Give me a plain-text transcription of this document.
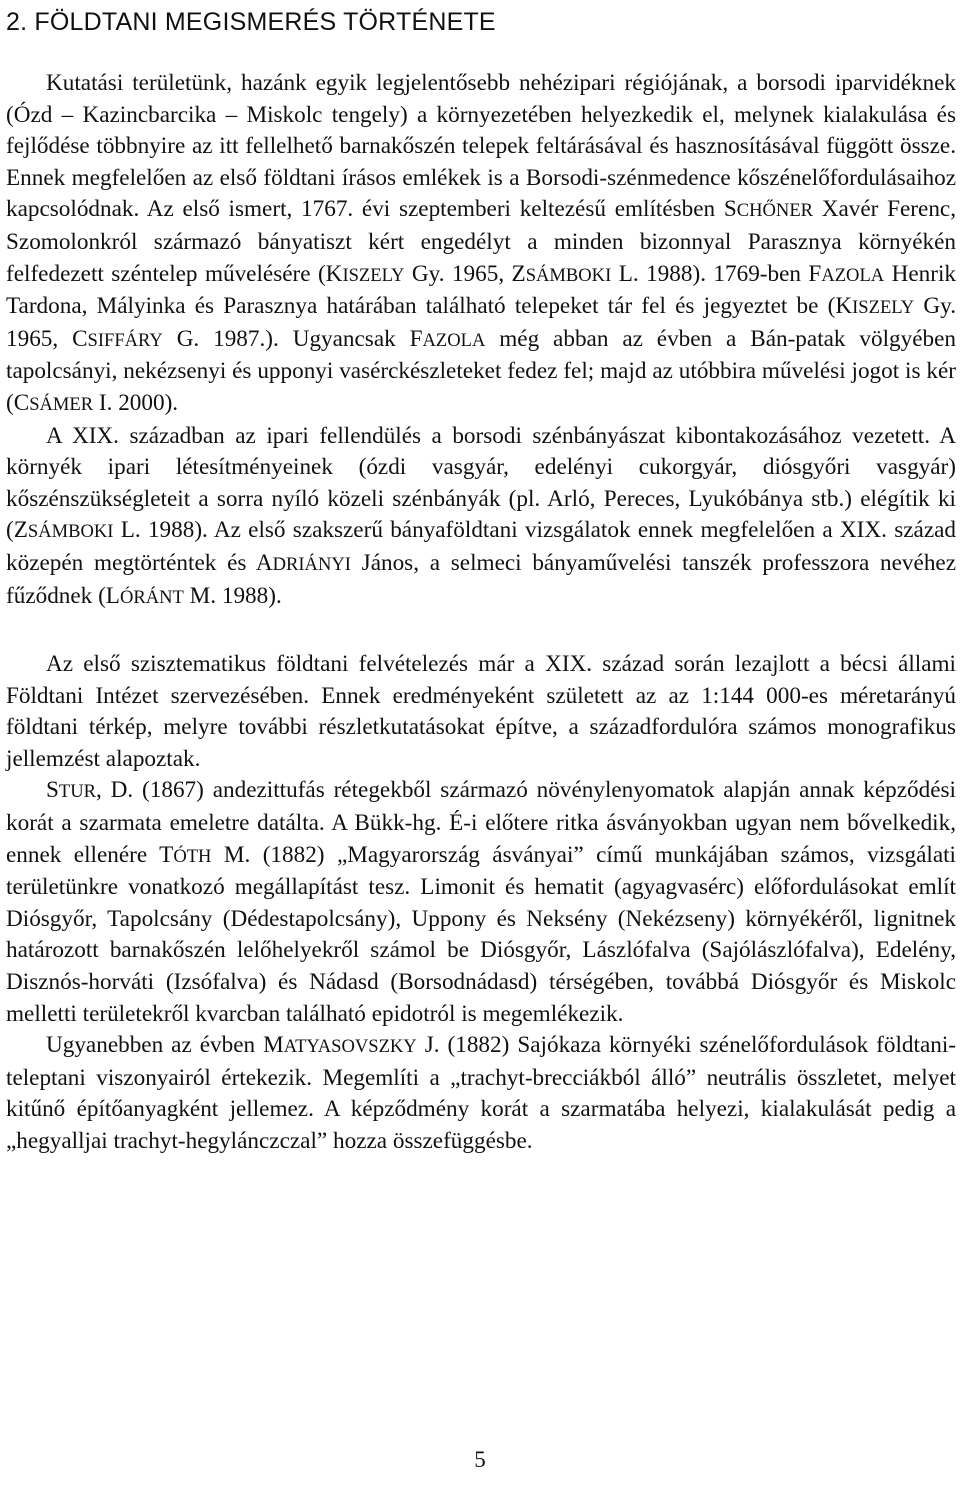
2. FÖLDTANI MEGISMERÉS TÖRTÉNETE

Kutatási területünk, hazánk egyik legjelentősebb nehézipari régiójának, a borsodi iparvidéknek (Ózd – Kazincbarcika – Miskolc tengely) a környezetében helyezkedik el, melynek kialakulása és fejlődése többnyire az itt fellelhető barnakőszén telepek feltárásával és hasznosításával függött össze. Ennek megfelelően az első földtani írásos emlékek is a Borsodi-szénmedence kőszénelőfordulásaihoz kapcsolódnak. Az első ismert, 1767. évi szeptemberi keltezésű említésben SCHŐNER Xavér Ferenc, Szomolonkról származó bányatiszt kért engedélyt a minden bizonnyal Parasznya környékén felfedezett széntelep művelésére (KISZELY Gy. 1965, ZSÁMBOKI L. 1988). 1769-ben FAZOLA Henrik Tardona, Mályinka és Parasznya határában található telepeket tár fel és jegyeztet be (KISZELY Gy. 1965, CSIFFÁRY G. 1987.). Ugyancsak FAZOLA még abban az évben a Bán-patak völgyében tapolcsányi, nekézsenyi és upponyi vasérckészleteket fedez fel; majd az utóbbira művelési jogot is kér (CSÁMER I. 2000).

A XIX. században az ipari fellendülés a borsodi szénbányászat kibontakozásához vezetett. A környék ipari létesítményeinek (ózdi vasgyár, edelényi cukorgyár, diósgyőri vasgyár) kőszénszükségleteit a sorra nyíló közeli szénbányák (pl. Arló, Pereces, Lyukóbánya stb.) elégítik ki (ZSÁMBOKI L. 1988). Az első szakszerű bányaföldtani vizsgálatok ennek megfelelően a XIX. század közepén megtörténtek és ADRIÁNYI János, a selmeci bányaművelési tanszék professzora nevéhez fűződnek (LÓRÁNT M. 1988).

Az első szisztematikus földtani felvételezés már a XIX. század során lezajlott a bécsi állami Földtani Intézet szervezésében. Ennek eredményeként született az az 1:144 000-es méretarányú földtani térkép, melyre további részletkutatásokat építve, a századfordulóra számos monografikus jellemzést alapoztak.

STUR, D. (1867) andezittufás rétegekből származó növénylenyomatok alapján annak képződési korát a szarmata emeletre datálta. A Bükk-hg. É-i előtere ritka ásványokban ugyan nem bővelkedik, ennek ellenére TÓTH M. (1882) „Magyarország ásványai” című munkájában számos, vizsgálati területünkre vonatkozó megállapítást tesz. Limonit és hematit (agyagvasérc) előfordulásokat említ Diósgyőr, Tapolcsány (Dédestapolcsány), Uppony és Neksény (Nekézseny) környékéről, lignitnek határozott barnakőszén lelőhelyekről számol be Diósgyőr, Lászlófalva (Sajólászlófalva), Edelény, Disznós-horváti (Izsófalva) és Nádasd (Borsodnádasd) térségében, továbbá Diósgyőr és Miskolc melletti területekről kvarcban található epidotról is megemlékezik.

Ugyanebben az évben MATYASOVSZKY J. (1882) Sajókaza környéki szénelőfordulások földtani-teleptani viszonyairól értekezik. Megemlíti a „trachyt-brecciákból álló” neutrális összletet, melyet kitűnő építőanyagként jellemez. A képződmény korát a szarmatába helyezi, kialakulását pedig a „hegyalljai trachyt-hegylánczczal” hozza összefüggésbe.

5
